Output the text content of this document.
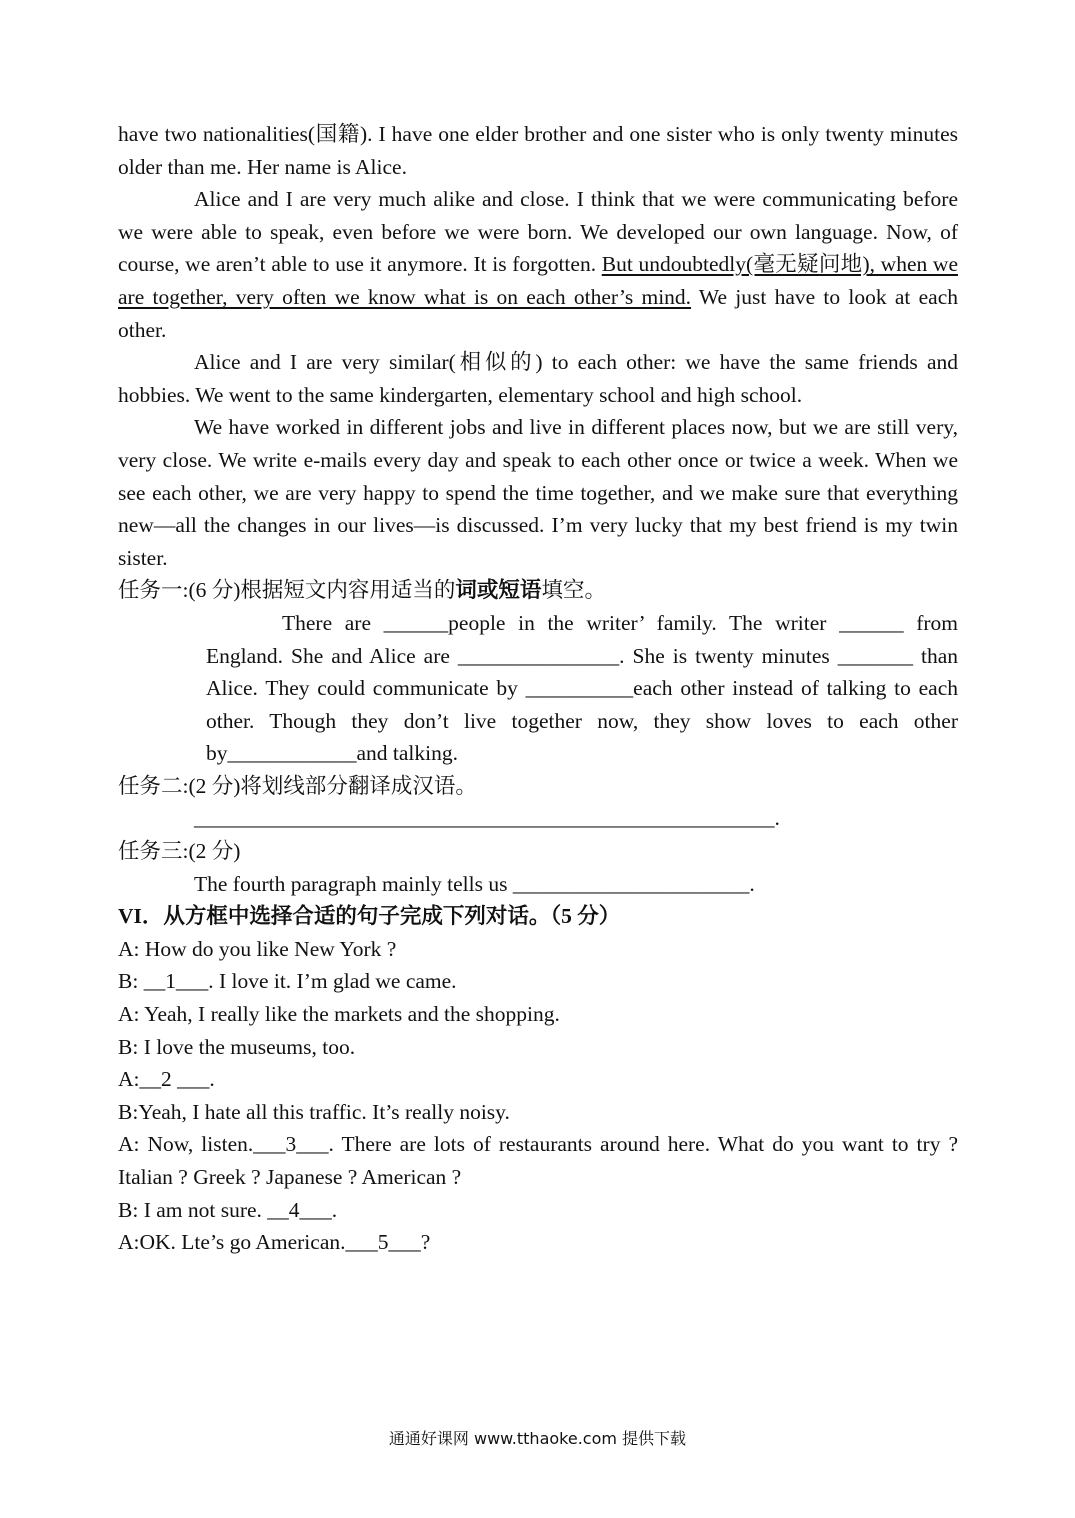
have two nationalities(国籍). I have one elder brother and one sister who is only twenty minutes older than me. Her name is Alice.

Alice and I are very much alike and close. I think that we were communicating before we were able to speak, even before we were born. We developed our own language. Now, of course, we aren’t able to use it anymore. It is forgotten. But undoubtedly(毫无疑问地), when we are together, very often we know what is on each other’s mind. We just have to look at each other.

Alice and I are very similar(相似的) to each other: we have the same friends and hobbies. We went to the same kindergarten, elementary school and high school.

We have worked in different jobs and live in different places now, but we are still very, very close. We write e-mails every day and speak to each other once or twice a week. When we see each other, we are very happy to spend the time together, and we make sure that everything new—all the changes in our lives—is discussed. I’m very lucky that my best friend is my twin sister.

任务一:(6 分)根据短文内容用适当的词或短语填空。

There are ______people in the writer’ family. The writer ______ from England. She and Alice are _______________. She is twenty minutes _______ than Alice. They could communicate by __________each other instead of talking to each other. Though they don’t live together now, they show loves to each other by____________and talking.

任务二:(2 分)将划线部分翻译成汉语。

______________________________________________________.

任务三:(2 分)

The fourth paragraph mainly tells us ______________________.

VI．从方框中选择合适的句子完成下列对话。（5 分）

A: How do you like New York ?

B: __1___. I love it. I’m glad we came.

A: Yeah, I really like the markets and the shopping.

B: I love the museums, too.

A:__2 ___.

B:Yeah, I hate all this traffic. It’s really noisy.

A: Now, listen.___3___. There are lots of restaurants around here. What do you want to try ? Italian ? Greek ? Japanese ? American ?

B: I am not sure. __4___.

A:OK. Lte’s go American.___5___?

通通好课网 www.tthaoke.com 提供下载
